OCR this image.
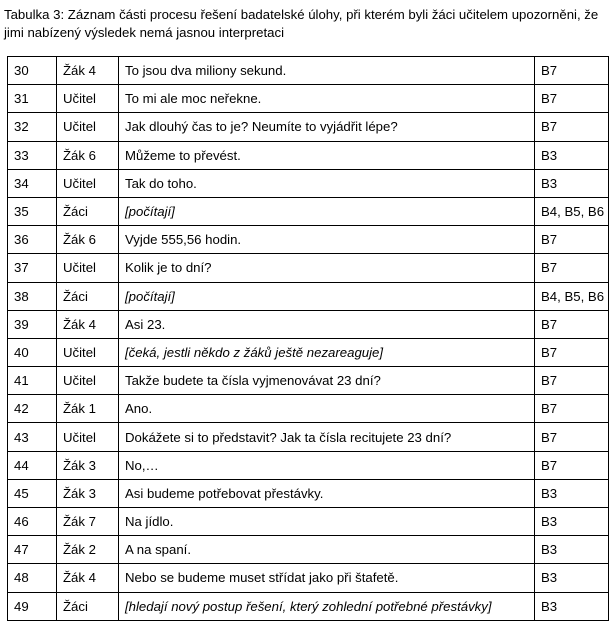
Tabulka 3: Záznam části procesu řešení badatelské úlohy, při kterém byli žáci učitelem upozorněni, že jimi nabízený výsledek nemá jasnou interpretaci
30	Žák 4	To jsou dva miliony sekund.	B7
31	Učitel	To mi ale moc neřekne.	B7
32	Učitel	Jak dlouhý čas to je? Neumíte to vyjádřit lépe?	B7
33	Žák 6	Můžeme to převést.	B3
34	Učitel	Tak do toho.	B3
35	Žáci	[počítají]	B4, B5, B6
36	Žák 6	Vyjde 555,56 hodin.	B7
37	Učitel	Kolik je to dní?	B7
38	Žáci	[počítají]	B4, B5, B6
39	Žák 4	Asi 23.	B7
40	Učitel	[čeká, jestli někdo z žáků ještě nezareaguje]	B7
41	Učitel	Takže budete ta čísla vyjmenovávat 23 dní?	B7
42	Žák 1	Ano.	B7
43	Učitel	Dokážete si to představit? Jak ta čísla recitujete 23 dní?	B7
44	Žák 3	No,…	B7
45	Žák 3	Asi budeme potřebovat přestávky.	B3
46	Žák 7	Na jídlo.	B3
47	Žák 2	A na spaní.	B3
48	Žák 4	Nebo se budeme muset střídat jako při štafetě.	B3
49	Žáci	[hledají nový postup řešení, který zohlední potřebné přestávky]	B3
